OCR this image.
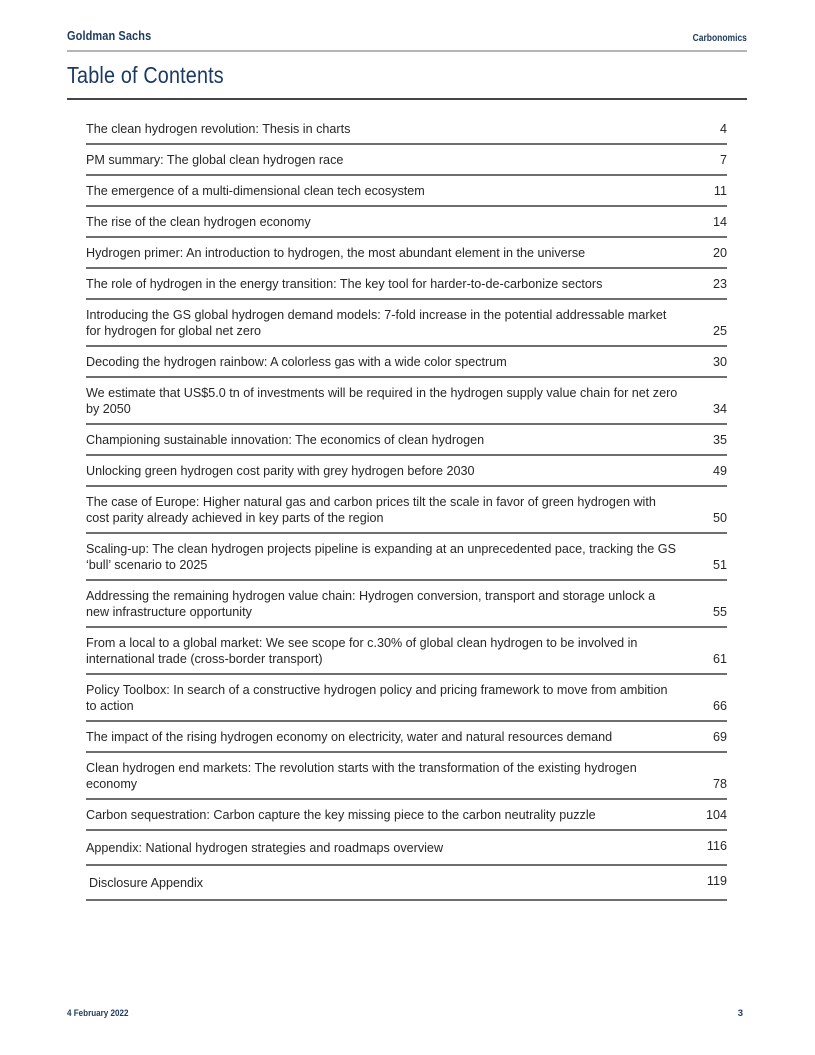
Goldman Sachs	Carbonomics
Table of Contents
The clean hydrogen revolution: Thesis in charts	4
PM summary: The global clean hydrogen race	7
The emergence of a multi-dimensional clean tech ecosystem	11
The rise of the clean hydrogen economy	14
Hydrogen primer: An introduction to hydrogen, the most abundant element in the universe	20
The role of hydrogen in the energy transition: The key tool for harder-to-de-carbonize sectors	23
Introducing the GS global hydrogen demand models: 7-fold increase in the potential addressable market for hydrogen for global net zero	25
Decoding the hydrogen rainbow: A colorless gas with a wide color spectrum	30
We estimate that US$5.0 tn of investments will be required in the hydrogen supply value chain for net zero by 2050	34
Championing sustainable innovation: The economics of clean hydrogen	35
Unlocking green hydrogen cost parity with grey hydrogen before 2030	49
The case of Europe: Higher natural gas and carbon prices tilt the scale in favor of green hydrogen with cost parity already achieved in key parts of the region	50
Scaling-up: The clean hydrogen projects pipeline is expanding at an unprecedented pace, tracking the GS ‘bull’ scenario to 2025	51
Addressing the remaining hydrogen value chain: Hydrogen conversion, transport and storage unlock a new infrastructure opportunity	55
From a local to a global market: We see scope for c.30% of global clean hydrogen to be involved in international trade (cross-border transport)	61
Policy Toolbox: In search of a constructive hydrogen policy and pricing framework to move from ambition to action	66
The impact of the rising hydrogen economy on electricity, water and natural resources demand	69
Clean hydrogen end markets: The revolution starts with the transformation of the existing hydrogen economy	78
Carbon sequestration: Carbon capture the key missing piece to the carbon neutrality puzzle	104
Appendix: National hydrogen strategies and roadmaps overview	116
Disclosure Appendix	119
4 February 2022	3
